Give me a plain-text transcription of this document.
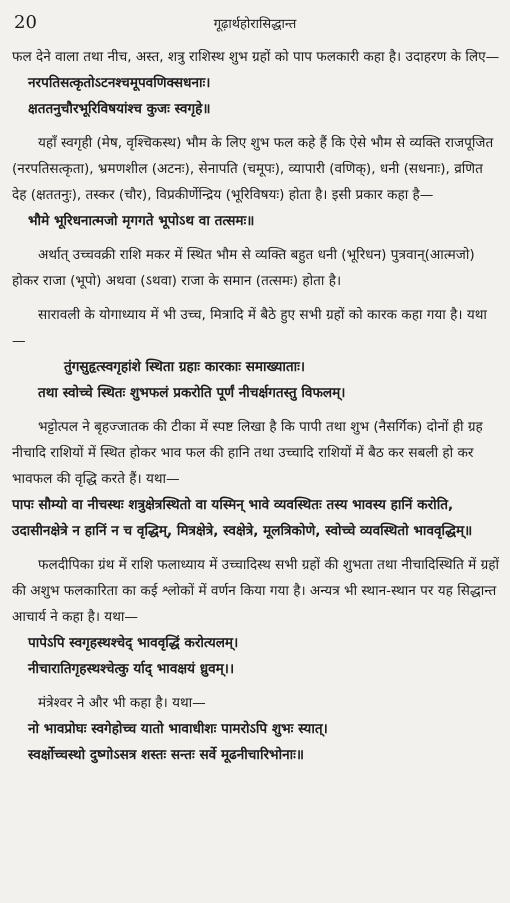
20	गूढ़ार्थहोरासिद्धान्त

फल देने वाला तथा नीच, अस्त, शत्रु राशिस्थ शुभ ग्रहों को पाप फलकारी कहा है। उदाहरण के लिए—

नरपतिसत्कृतोऽटनश्चमूपवणिक्सधनाः।

क्षततनुचौरभूरिविषयांश्च कुजः स्वगृहे॥

यहाँ स्वगृही (मेष, वृश्चिकस्थ) भौम के लिए शुभ फल कहे हैं कि ऐसे भौम से व्यक्ति राजपूजित (नरपतिसत्कृता), भ्रमणशील (अटनः), सेनापति (चमूपः), व्यापारी (वणिक्), धनी (सधनाः), व्रणित देह (क्षततनुः), तस्कर (चौर), विप्रकीर्णेन्द्रिय (भूरिविषयः) होता है। इसी प्रकार कहा है—

भौमे भूरिधनात्मजो मृगगते भूपोऽथ वा तत्समः॥

अर्थात् उच्चवक्री राशि मकर में स्थित भौम से व्यक्ति बहुत धनी (भूरिधन) पुत्रवान्(आत्मजो) होकर राजा (भूपो) अथवा (ऽथवा) राजा के समान (तत्समः) होता है।

सारावली के योगाध्याय में भी उच्च, मित्रादि में बैठे हुए सभी ग्रहों को कारक कहा गया है। यथा—

तुंगसुहृत्स्वगृहांशे स्थिता ग्रहाः कारकाः समाख्याताः।

तथा स्वोच्चे स्थितः शुभफलं प्रकरोति पूर्णं नीचर्क्षगतस्तु विफलम्।

भट्टोत्पल ने बृहज्जातक की टीका में स्पष्ट लिखा है कि पापी तथा शुभ (नैसर्गिक) दोनों ही ग्रह नीचादि राशियों में स्थित होकर भाव फल की हानि तथा उच्चादि राशियों में बैठ कर सबली हो कर भावफल की वृद्धि करते हैं। यथा—

पापः सौम्यो वा नीचस्थः शत्रुक्षेत्रस्थितो वा यस्मिन् भावे व्यवस्थितः तस्य भावस्य हानिं करोति, उदासीनक्षेत्रे न हानिं न च वृद्धिम्, मित्रक्षेत्रे, स्वक्षेत्रे, मूलत्रिकोणे, स्वोच्चे व्यवस्थितो भाववृद्धिम्॥

फलदीपिका ग्रंथ में राशि फलाध्याय में उच्चादिस्थ सभी ग्रहों की शुभता तथा नीचादिस्थिति में ग्रहों की अशुभ फलकारिता का कई श्लोकों में वर्णन किया गया है। अन्यत्र भी स्थान-स्थान पर यह सिद्धान्त आचार्य ने कहा है। यथा—

पापेऽपि स्वगृहस्थश्चेद् भाववृद्धिं करोत्यलम्।

नीचारातिगृहस्थश्चेत्कु र्याद् भावक्षयं ध्रुवम्।।

मंत्रेश्वर ने और भी कहा है। यथा—

नो भावप्रोघः स्वगेहोच्च यातो भावाधीशः पामरोऽपि शुभः स्यात्।

स्वर्क्षोच्चस्थो दुष्गोऽसत्र शस्तः सन्तः सर्वे मूढनीचारिभोनाः॥
